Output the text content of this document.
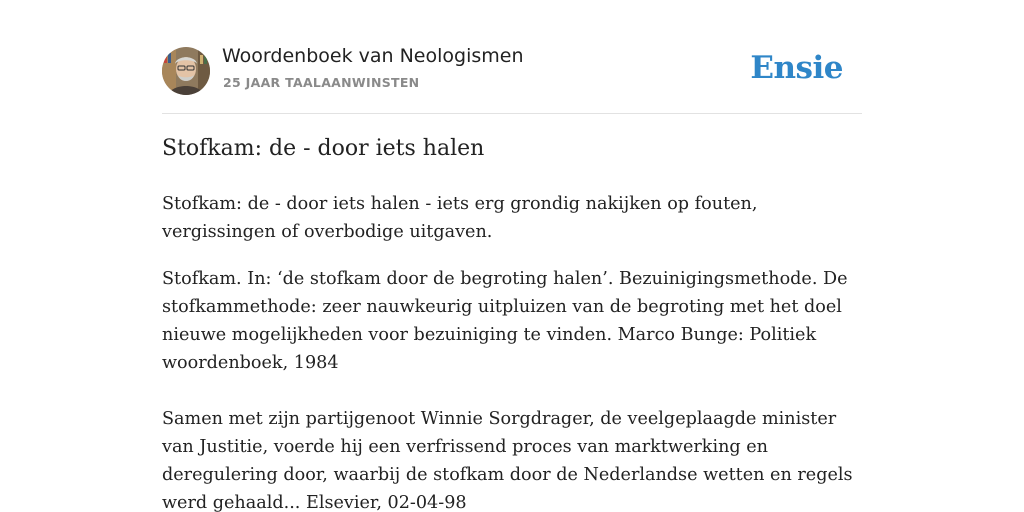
Woordenboek van Neologismen
25 JAAR TAALAANWINSTEN	Ensie
Stofkam: de - door iets halen

Stofkam: de - door iets halen - iets erg grondig nakijken op fouten, vergissingen of overbodige uitgaven.

Stofkam. In: ‘de stofkam door de begroting halen’. Bezuinigingsmethode. De stofkammethode: zeer nauwkeurig uitpluizen van de begroting met het doel nieuwe mogelijkheden voor bezuiniging te vinden. Marco Bunge: Politiek woordenboek, 1984

Samen met zijn partijgenoot Winnie Sorgdrager, de veelgeplaagde minister van Justitie, voerde hij een verfrissend proces van marktwerking en deregulering door, waarbij de stofkam door de Nederlandse wetten en regels werd gehaald... Elsevier, 02-04-98
